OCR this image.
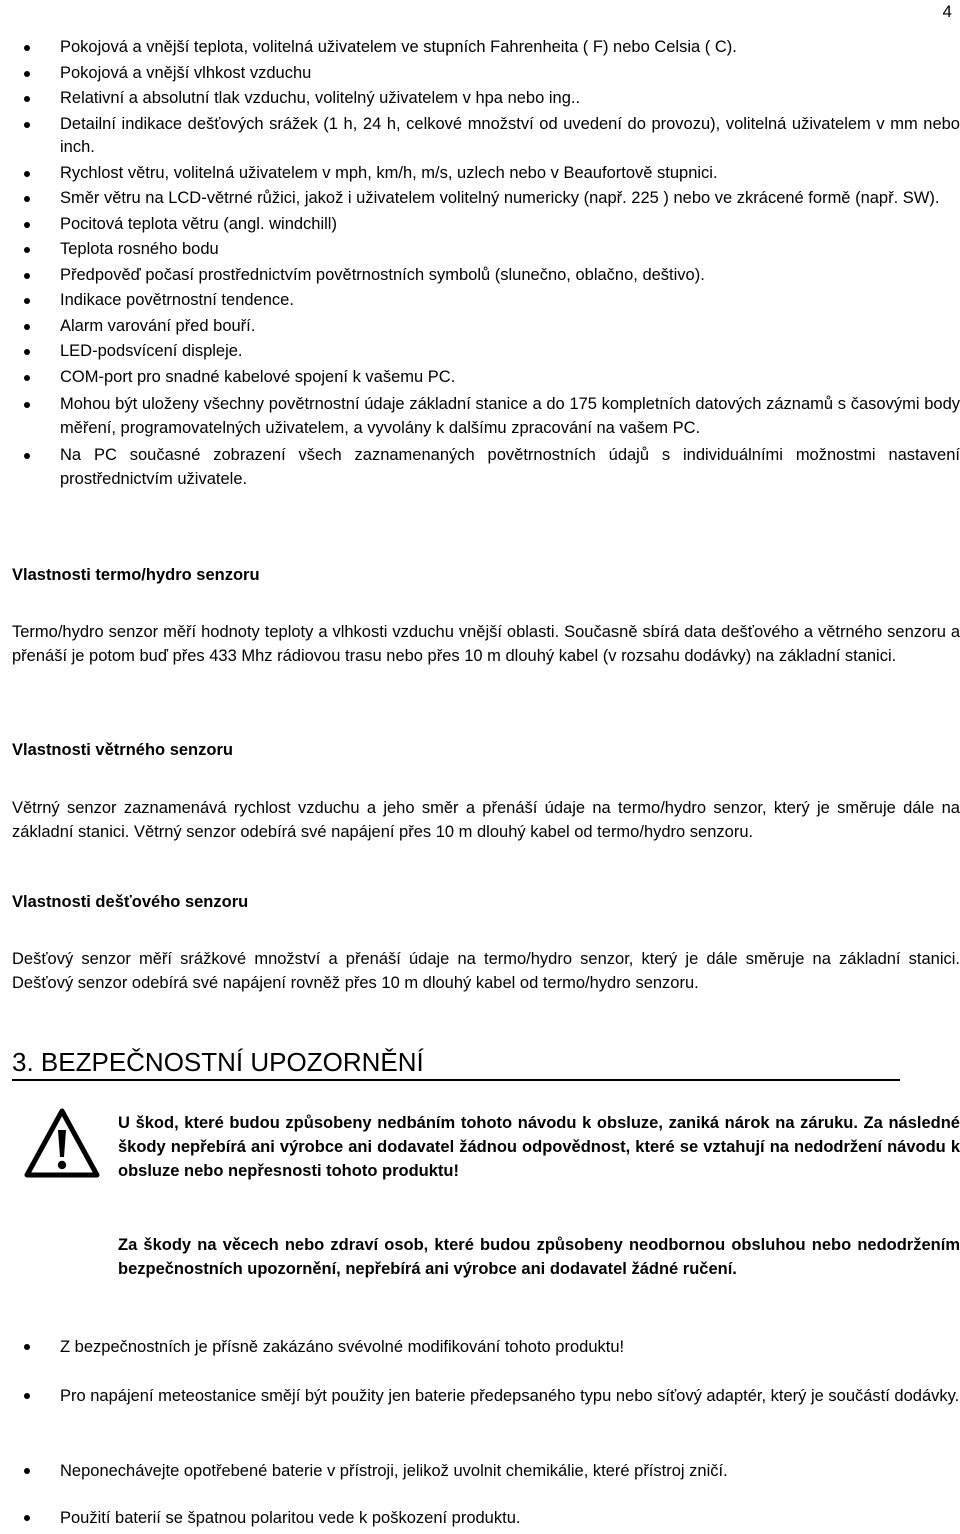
4
Pokojová a vnější teplota, volitelná uživatelem ve stupních Fahrenheita ( F) nebo Celsia ( C).
Pokojová a vnější vlhkost vzduchu
Relativní a absolutní tlak vzduchu, volitelný uživatelem v hpa nebo ing..
Detailní indikace dešťových srážek (1 h, 24 h, celkové množství od uvedení do provozu), volitelná uživatelem v mm nebo inch.
Rychlost větru, volitelná uživatelem v mph, km/h, m/s, uzlech nebo v Beaufortově stupnici.
Směr větru na LCD-větrné růžici, jakož i uživatelem volitelný numericky (např. 225 ) nebo ve zkrácené formě (např. SW).
Pocitová teplota větru (angl. windchill)
Teplota rosného bodu
Předpověď počasí prostřednictvím povětrnostních symbolů (slunečno, oblačno, deštivo).
Indikace povětrnostní tendence.
Alarm varování před bouří.
LED-podsvícení displeje.
COM-port pro snadné kabelové spojení k vašemu PC.
Mohou být uloženy všechny povětrnostní údaje základní stanice a do 175 kompletních datových záznamů s časovými body měření, programovatelných uživatelem, a vyvolány k dalšímu zpracování na vašem PC.
Na PC současné zobrazení všech zaznamenaných povětrnostních údajů s individuálními možnostmi nastavení prostřednictvím uživatele.
Vlastnosti termo/hydro senzoru
Termo/hydro senzor měří hodnoty teploty a vlhkosti vzduchu vnější oblasti. Současně sbírá data dešťového a větrného senzoru a přenáší je potom buď přes 433 Mhz rádiovou trasu nebo přes 10 m dlouhý kabel (v rozsahu dodávky) na základní stanici.
Vlastnosti větrného senzoru
Větrný senzor zaznamenává rychlost vzduchu a jeho směr a přenáší údaje na termo/hydro senzor, který je směruje dále na základní stanici. Větrný senzor odebírá své napájení přes 10 m dlouhý kabel od termo/hydro senzoru.
Vlastnosti dešťového senzoru
Dešťový senzor měří srážkové množství a přenáší údaje na termo/hydro senzor, který je dále směruje na základní stanici. Dešťový senzor odebírá své napájení rovněž přes 10 m dlouhý kabel od termo/hydro senzoru.
3. BEZPEČNOSTNÍ UPOZORNĚNÍ
U škod, které budou způsobeny nedbáním tohoto návodu k obsluze, zaniká nárok na záruku. Za následné škody nepřebírá ani výrobce ani dodavatel žádnou odpovědnost, které se vztahují na nedodržení návodu k obsluze nebo nepřesnosti tohoto produktu!
Za škody na věcech nebo zdraví osob, které budou způsobeny neodbornou obsluhou nebo nedodržením bezpečnostních upozornění, nepřebírá ani výrobce ani dodavatel žádné ručení.
Z bezpečnostních je přísně zakázáno svévolné modifikování tohoto produktu!
Pro napájení meteostanice smějí být použity jen baterie předepsaného typu nebo síťový adaptér, který je součástí dodávky.
Neponechávejte opotřebené baterie v přístroji, jelikož uvolnit chemikálie, které přístroj zničí.
Použití baterií se špatnou polaritou vede k poškození produktu.
